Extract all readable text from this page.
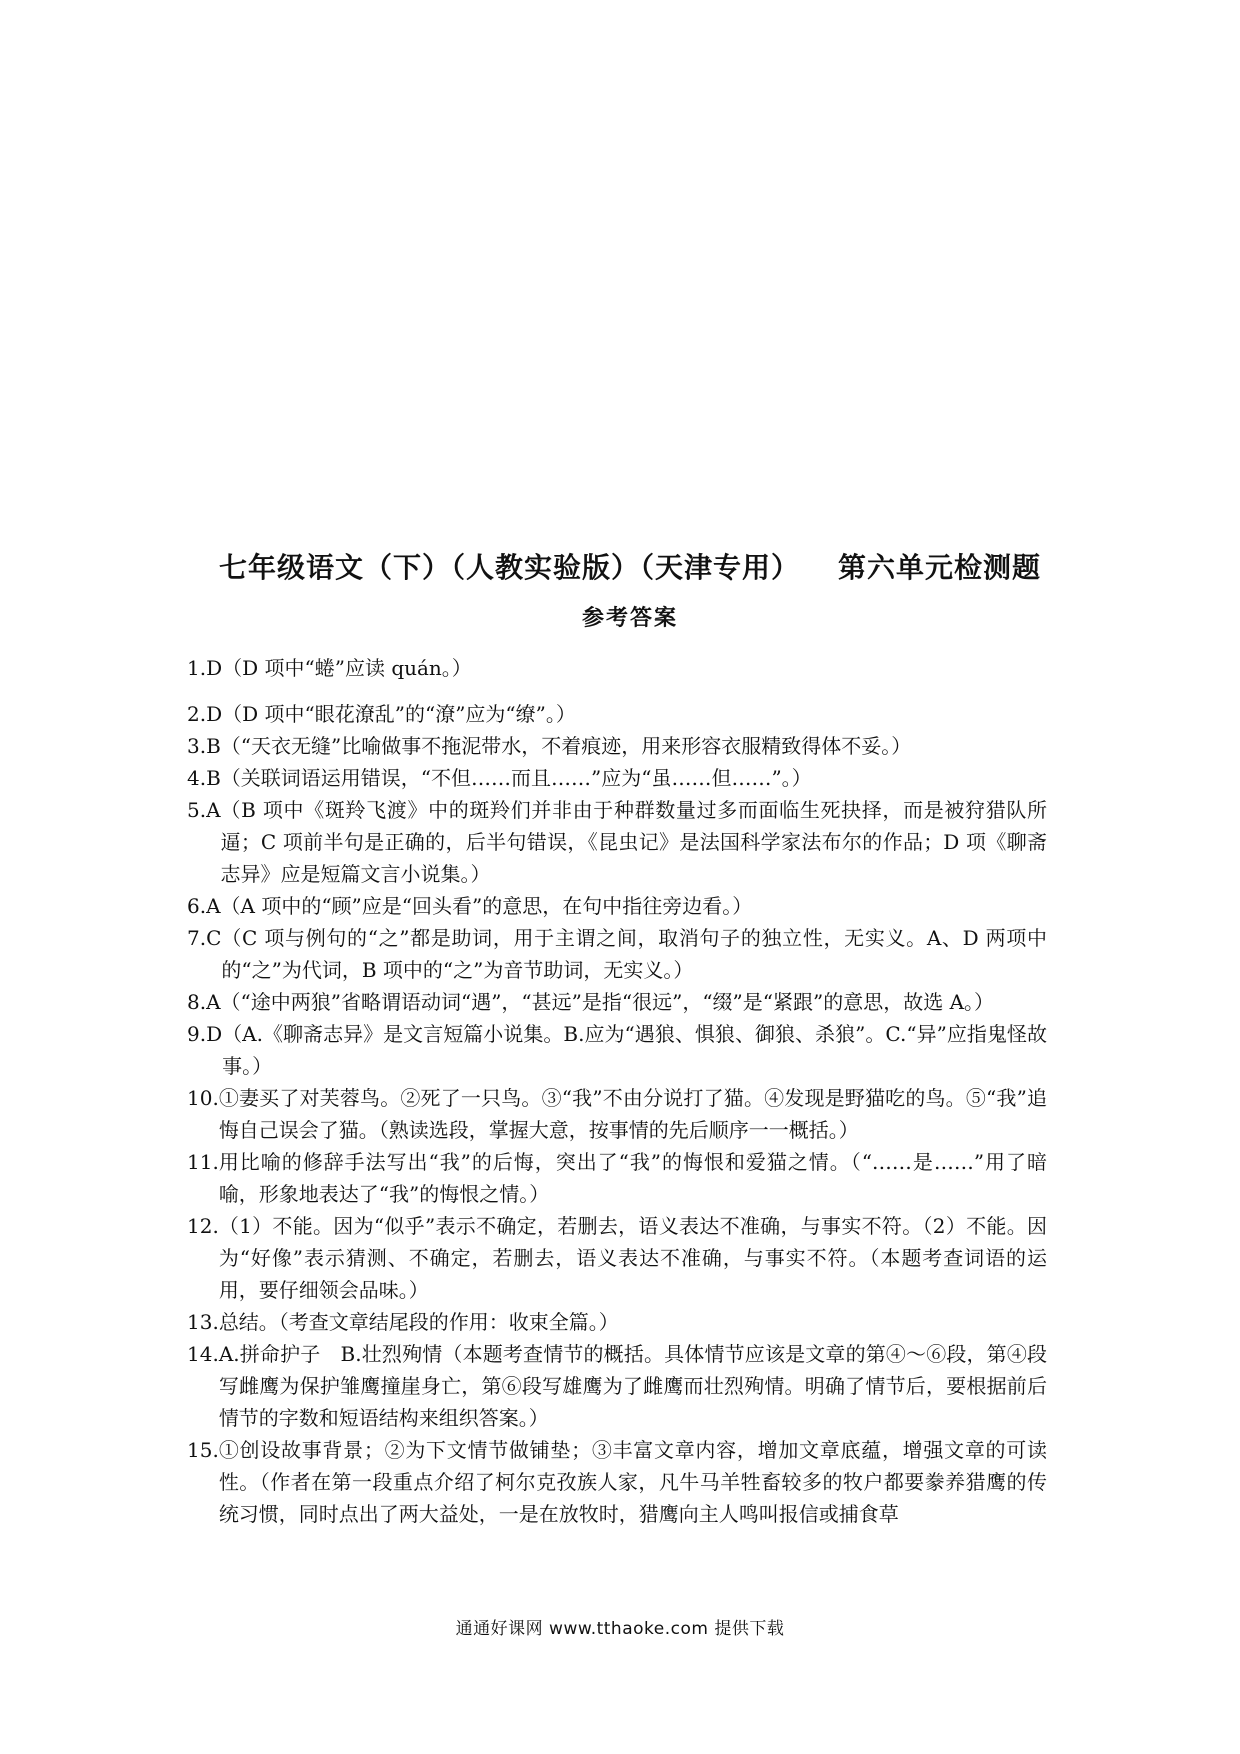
七年级语文（下）（人教实验版）（天津专用） 第六单元检测题
参考答案
1.D （D 项中“蜷”应读 quán。）
2.D （D 项中“眼花潦乱”的“潦”应为“缭”。）
3.B （“天衣无缝”比喻做事不拖泥带水，不着痕迹，用来形容衣服精致得体不妥。）
4.B （关联词语运用错误，“不但……而且……”应为“虽……但……”。）
5.A （B 项中《斑羚飞渡》中的斑羚们并非由于种群数量过多而面临生死抉择，而是被狩猎队所逼；C 项前半句是正确的，后半句错误，《昆虫记》是法国科学家法布尔的作品；D 项《聊斋志异》应是短篇文言小说集。）
6.A （A 项中的“顾”应是“回头看”的意思，在句中指往旁边看。）
7.C （C 项与例句的“之”都是助词，用于主谓之间，取消句子的独立性，无实义。A、D 两项中的“之”为代词，B 项中的“之”为音节助词，无实义。）
8.A （“途中两狼”省略谓语动词“遇”，“甚远”是指“很远”，“缀”是“紧跟”的意思，故选 A。）
9.D （A.《聊斋志异》是文言短篇小说集。B.应为“遇狼、惧狼、御狼、杀狼”。C.“异”应指鬼怪故事。）
10. ①妻买了对芙蓉鸟。②死了一只鸟。③“我”不由分说打了猫。④发现是野猫吃的鸟。⑤“我”追悔自己误会了猫。（熟读选段，掌握大意，按事情的先后顺序一一概括。）
11. 用比喻的修辞手法写出“我”的后悔，突出了“我”的悔恨和爱猫之情。（“……是……”用了暗喻，形象地表达了“我”的悔恨之情。）
12. （1）不能。因为“似乎”表示不确定，若删去，语义表达不准确，与事实不符。（2）不能。因为“好像”表示猜测、不确定，若删去，语义表达不准确，与事实不符。（本题考查词语的运用，要仔细领会品味。）
13. 总结。（考查文章结尾段的作用：收束全篇。）
14. A.拼命护子　B.壮烈殉情（本题考查情节的概括。具体情节应该是文章的第④～⑥段，第④段写雌鹰为保护雏鹰撞崖身亡，第⑥段写雄鹰为了雌鹰而壮烈殉情。明确了情节后，要根据前后情节的字数和短语结构来组织答案。）
15. ①创设故事背景；②为下文情节做铺垫；③丰富文章内容，增加文章底蕴，增强文章的可读性。（作者在第一段重点介绍了柯尔克孜族人家，凡牛马羊牲畜较多的牧户都要豢养猎鹰的传统习惯，同时点出了两大益处，一是在放牧时，猎鹰向主人鸣叫报信或捕食草
通通好课网 www.tthaoke.com 提供下载
